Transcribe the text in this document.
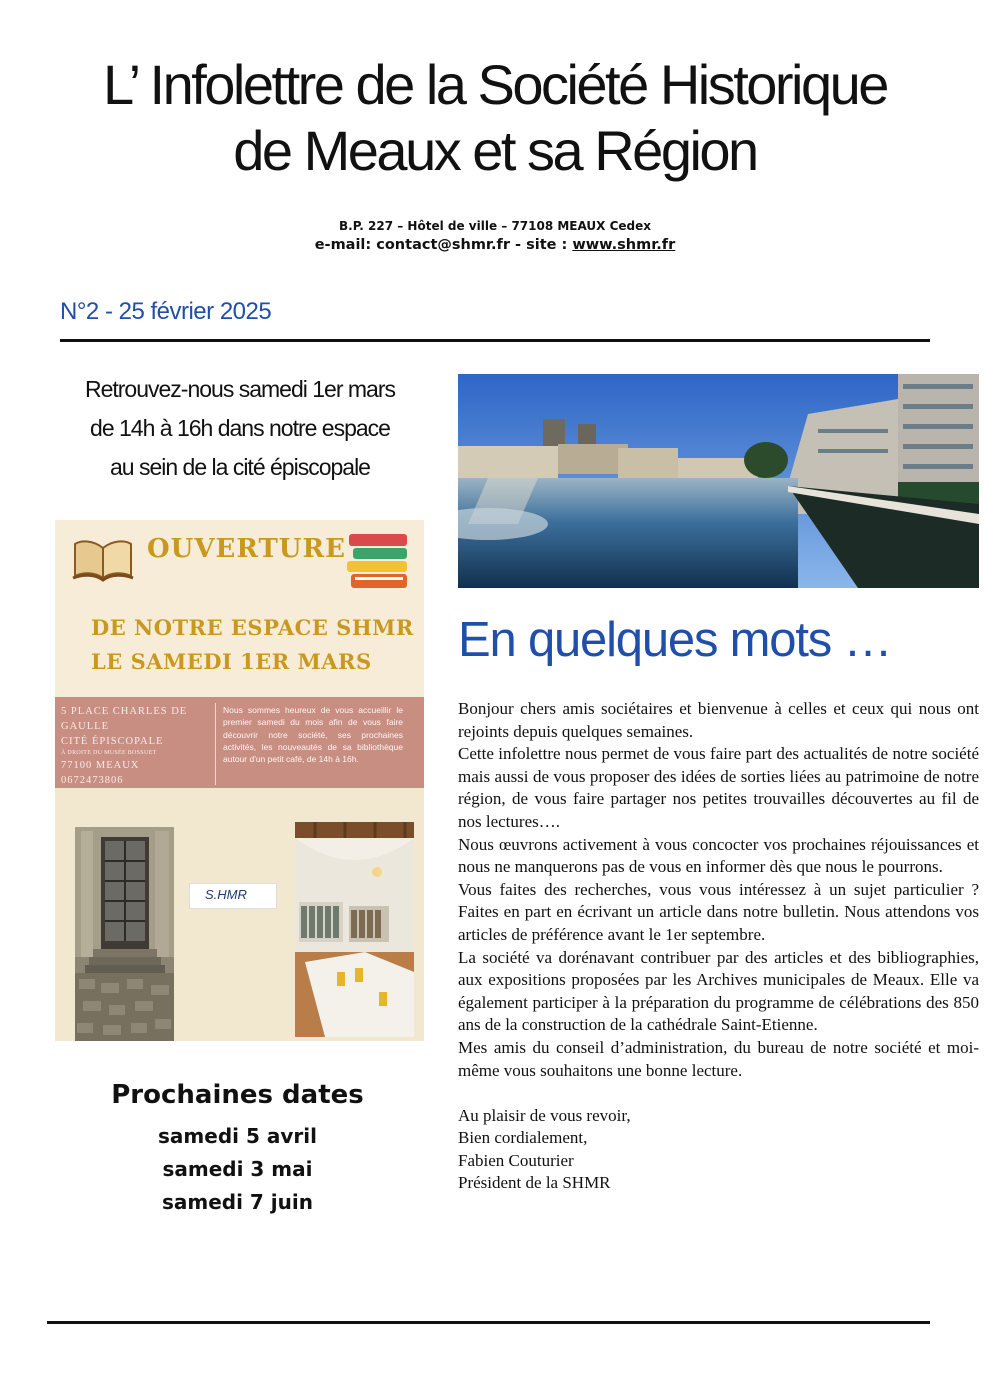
L’ Infolettre de la Société Historique
de Meaux et sa Région
B.P. 227 – Hôtel de ville – 77108 MEAUX Cedex
e-mail: contact@shmr.fr - site : www.shmr.fr
N°2 - 25 février 2025
Retrouvez-nous samedi 1er mars
de 14h à 16h dans notre espace
au sein de la cité épiscopale
OUVERTURE
DE NOTRE ESPACE SHMR
LE SAMEDI 1ER MARS
5 PLACE CHARLES DE
GAULLE
CITÉ ÉPISCOPALE
À DROITE DU MUSÉE BOSSUET
77100 MEAUX
0672473806
Nous sommes heureux de vous accueillir le premier samedi du mois afin de vous faire découvrir notre société, ses prochaines activités, les nouveautés de sa bibliothèque autour d'un petit café, de 14h à 16h.
S.HMR
En quelques mots …

Bonjour chers amis sociétaires et bienvenue à celles et ceux qui nous ont rejoints depuis quelques semaines.

Cette infolettre nous permet de vous faire part des actualités de notre société mais aussi de vous proposer des idées de sorties liées au patrimoine de notre région, de vous faire partager nos petites trouvailles découvertes au fil de nos lectures….

Nous œuvrons activement à vous concocter vos prochaines réjouissances et nous ne manquerons pas de vous en informer dès que nous le pourrons.

Vous faites des recherches, vous vous intéressez à un sujet particulier ? Faites en part en écrivant un article dans notre bulletin. Nous attendons vos articles de préférence avant le 1er septembre.

La société va dorénavant contribuer par des articles et des bibliographies, aux expositions proposées par les Archives municipales de Meaux. Elle va également participer à la préparation du programme de célébrations des 850 ans de la construction de la cathédrale Saint-Etienne.

Mes amis du conseil d’administration, du bureau de notre société et moi-même vous souhaitons une bonne lecture.

Au plaisir de vous revoir,

Bien cordialement,

Fabien Couturier

Président de la SHMR

Prochaines dates
samedi 5 avril
samedi 3 mai
samedi 7 juin
